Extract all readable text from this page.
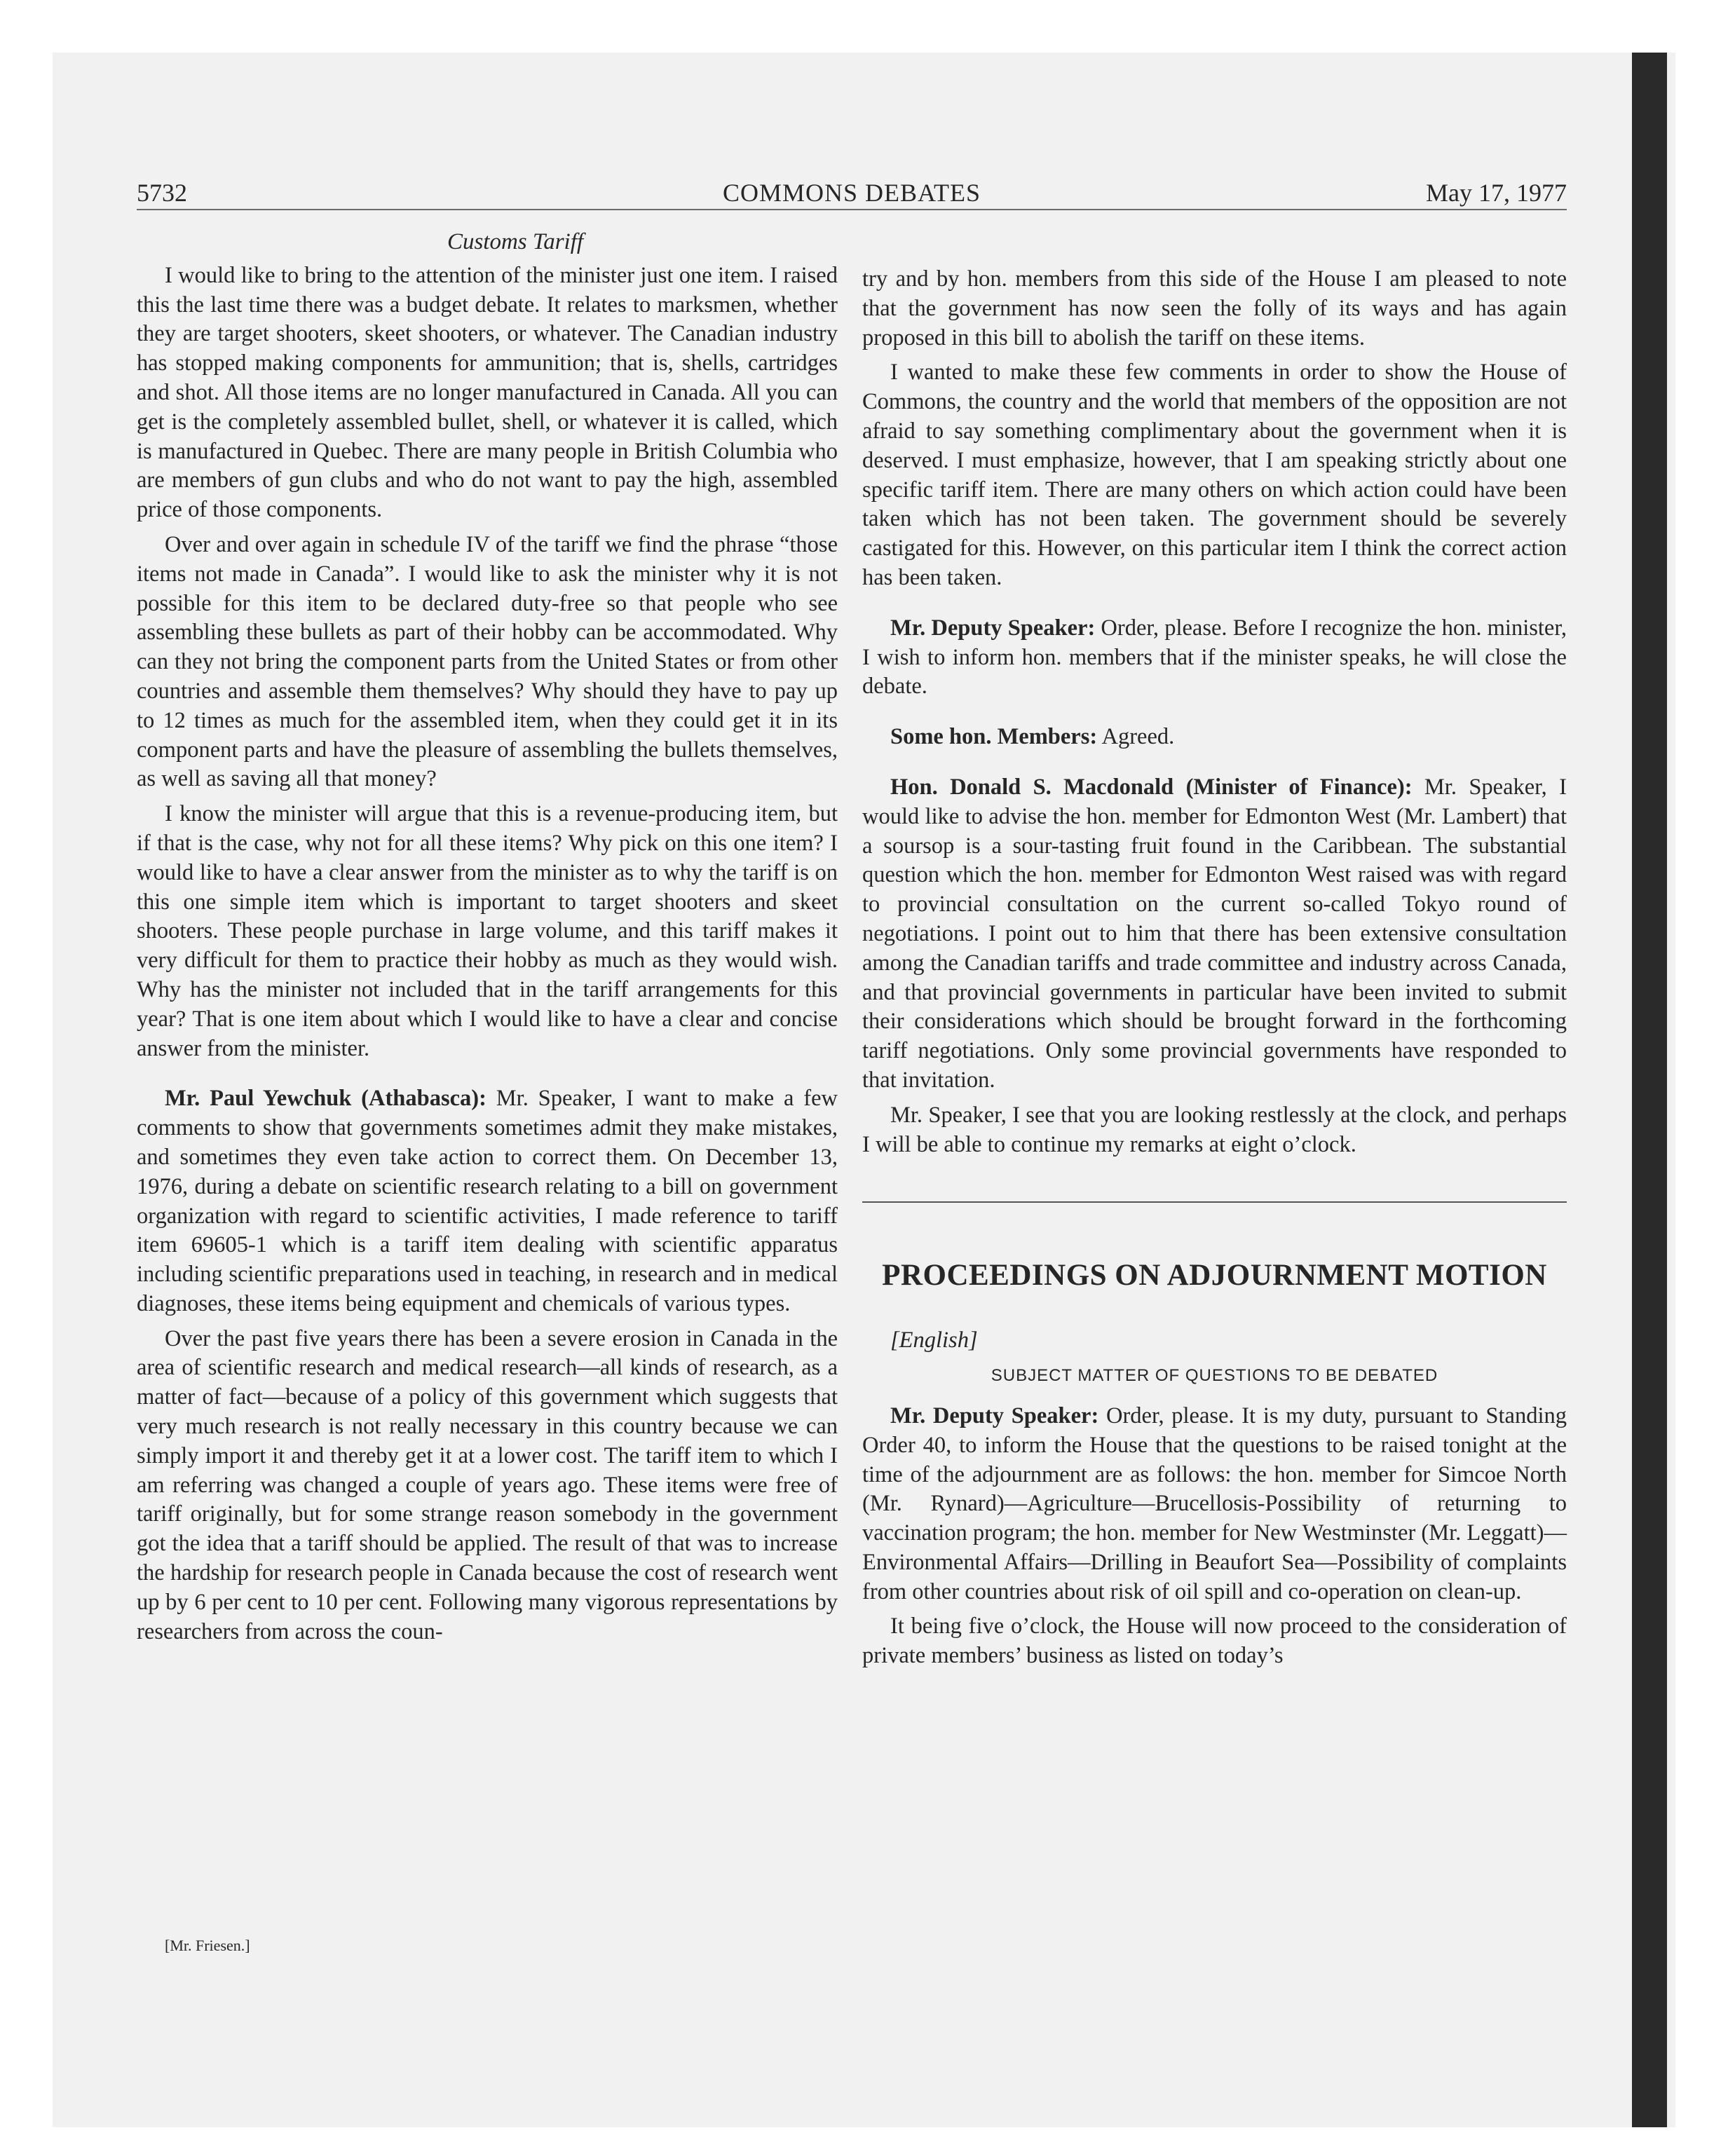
5732	COMMONS DEBATES	May 17, 1977
Customs Tariff

I would like to bring to the attention of the minister just one item. I raised this the last time there was a budget debate. It relates to marksmen, whether they are target shooters, skeet shooters, or whatever. The Canadian industry has stopped making components for ammunition; that is, shells, cartridges and shot. All those items are no longer manufactured in Canada. All you can get is the completely assembled bullet, shell, or whatever it is called, which is manufactured in Quebec. There are many people in British Columbia who are members of gun clubs and who do not want to pay the high, assembled price of those components.

Over and over again in schedule IV of the tariff we find the phrase “those items not made in Canada”. I would like to ask the minister why it is not possible for this item to be declared duty-free so that people who see assembling these bullets as part of their hobby can be accommodated. Why can they not bring the component parts from the United States or from other countries and assemble them themselves? Why should they have to pay up to 12 times as much for the assembled item, when they could get it in its component parts and have the pleasure of assembling the bullets themselves, as well as saving all that money?

I know the minister will argue that this is a revenue-producing item, but if that is the case, why not for all these items? Why pick on this one item? I would like to have a clear answer from the minister as to why the tariff is on this one simple item which is important to target shooters and skeet shooters. These people purchase in large volume, and this tariff makes it very difficult for them to practice their hobby as much as they would wish. Why has the minister not included that in the tariff arrangements for this year? That is one item about which I would like to have a clear and concise answer from the minister.

Mr. Paul Yewchuk (Athabasca): Mr. Speaker, I want to make a few comments to show that governments sometimes admit they make mistakes, and sometimes they even take action to correct them. On December 13, 1976, during a debate on scientific research relating to a bill on government organization with regard to scientific activities, I made reference to tariff item 69605-1 which is a tariff item dealing with scientific apparatus including scientific preparations used in teaching, in research and in medical diagnoses, these items being equipment and chemicals of various types.

Over the past five years there has been a severe erosion in Canada in the area of scientific research and medical research—all kinds of research, as a matter of fact—because of a policy of this government which suggests that very much research is not really necessary in this country because we can simply import it and thereby get it at a lower cost. The tariff item to which I am referring was changed a couple of years ago. These items were free of tariff originally, but for some strange reason somebody in the government got the idea that a tariff should be applied. The result of that was to increase the hardship for research people in Canada because the cost of research went up by 6 per cent to 10 per cent. Following many vigorous representations by researchers from across the coun-

try and by hon. members from this side of the House I am pleased to note that the government has now seen the folly of its ways and has again proposed in this bill to abolish the tariff on these items.

I wanted to make these few comments in order to show the House of Commons, the country and the world that members of the opposition are not afraid to say something complimentary about the government when it is deserved. I must emphasize, however, that I am speaking strictly about one specific tariff item. There are many others on which action could have been taken which has not been taken. The government should be severely castigated for this. However, on this particular item I think the correct action has been taken.

Mr. Deputy Speaker: Order, please. Before I recognize the hon. minister, I wish to inform hon. members that if the minister speaks, he will close the debate.

Some hon. Members: Agreed.

Hon. Donald S. Macdonald (Minister of Finance): Mr. Speaker, I would like to advise the hon. member for Edmonton West (Mr. Lambert) that a soursop is a sour-tasting fruit found in the Caribbean. The substantial question which the hon. member for Edmonton West raised was with regard to provincial consultation on the current so-called Tokyo round of negotiations. I point out to him that there has been extensive consultation among the Canadian tariffs and trade committee and industry across Canada, and that provincial governments in particular have been invited to submit their considerations which should be brought forward in the forthcoming tariff negotiations. Only some provincial governments have responded to that invitation.

Mr. Speaker, I see that you are looking restlessly at the clock, and perhaps I will be able to continue my remarks at eight o’clock.

PROCEEDINGS ON ADJOURNMENT MOTION

[English]

SUBJECT MATTER OF QUESTIONS TO BE DEBATED

Mr. Deputy Speaker: Order, please. It is my duty, pursuant to Standing Order 40, to inform the House that the questions to be raised tonight at the time of the adjournment are as follows: the hon. member for Simcoe North (Mr. Rynard)—Agriculture—Brucellosis-Possibility of returning to vaccination program; the hon. member for New Westminster (Mr. Leggatt)—Environmental Affairs—Drilling in Beaufort Sea—Possibility of complaints from other countries about risk of oil spill and co-operation on clean-up.

It being five o’clock, the House will now proceed to the consideration of private members’ business as listed on today’s

[Mr. Friesen.]
